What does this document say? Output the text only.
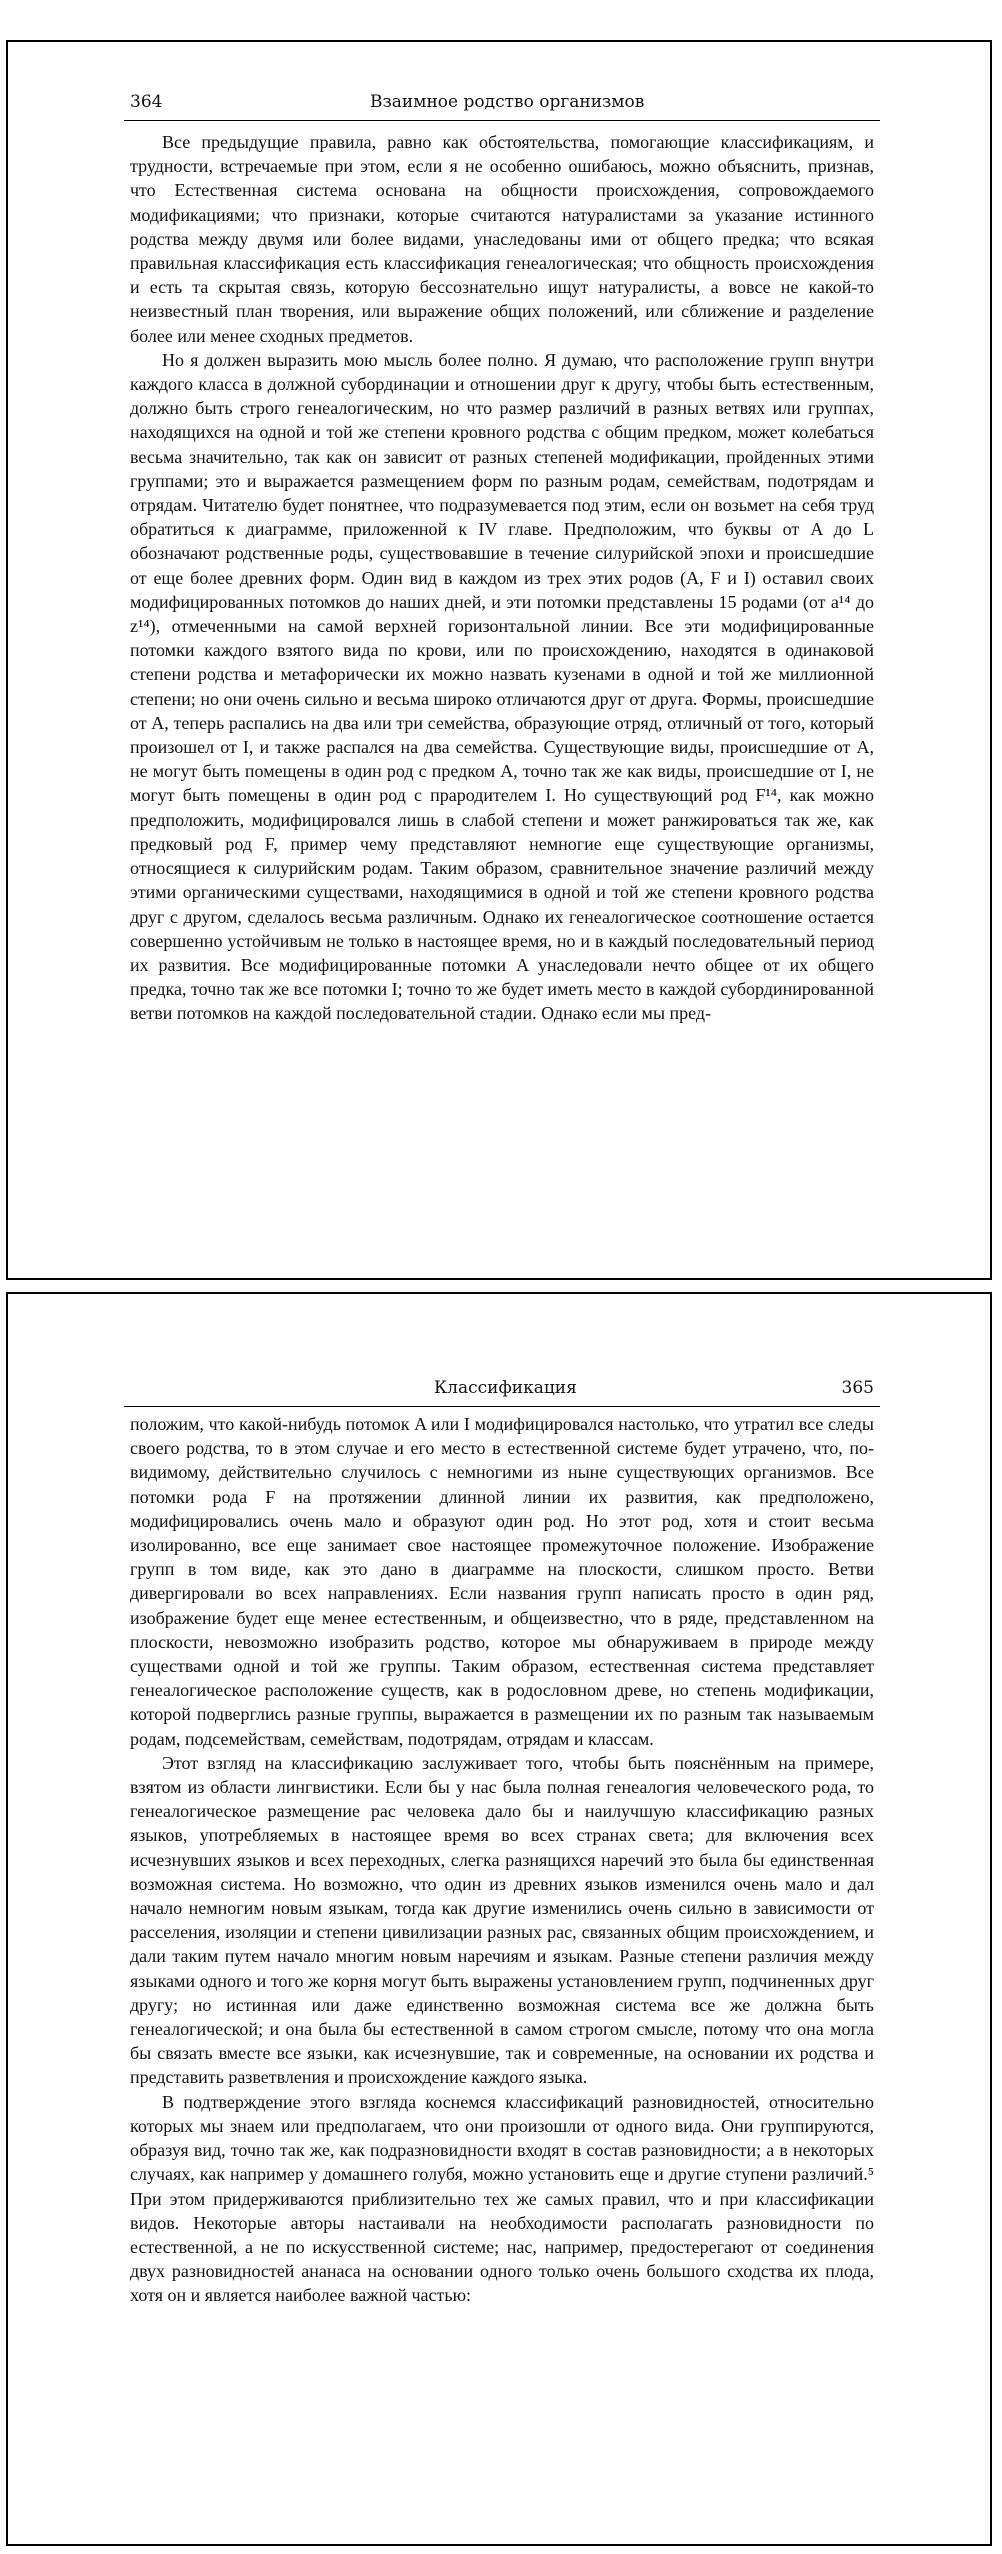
364	Взаимное родство организмов

Все предыдущие правила, равно как обстоятельства, помогающие классификациям, и трудности, встречаемые при этом, если я не особенно ошибаюсь, можно объяснить, признав, что Естественная система основана на общности происхождения, сопровождаемого модификациями; что признаки, которые считаются натуралистами за указание истинного родства между двумя или более видами, унаследованы ими от общего предка; что всякая правильная классификация есть классификация генеалогическая; что общность происхождения и есть та скрытая связь, которую бессознательно ищут натуралисты, а вовсе не какой-то неизвестный план творения, или выражение общих положений, или сближение и разделение более или менее сходных предметов.

Но я должен выразить мою мысль более полно. Я думаю, что расположение групп внутри каждого класса в должной субординации и отношении друг к другу, чтобы быть естественным, должно быть строго генеалогическим, но что размер различий в разных ветвях или группах, находящихся на одной и той же степени кровного родства с общим предком, может колебаться весьма значительно, так как он зависит от разных степеней модификации, пройденных этими группами; это и выражается размещением форм по разным родам, семействам, подотрядам и отрядам. Читателю будет понятнее, что подразумевается под этим, если он возьмет на себя труд обратиться к диаграмме, приложенной к IV главе. Предположим, что буквы от A до L обозначают родственные роды, существовавшие в течение силурийской эпохи и происшедшие от еще более древних форм. Один вид в каждом из трех этих родов (A, F и I) оставил своих модифицированных потомков до наших дней, и эти потомки представлены 15 родами (от a¹⁴ до z¹⁴), отмеченными на самой верхней горизонтальной линии. Все эти модифицированные потомки каждого взятого вида по крови, или по происхождению, находятся в одинаковой степени родства и метафорически их можно назвать кузенами в одной и той же миллионной степени; но они очень сильно и весьма широко отличаются друг от друга. Формы, происшедшие от A, теперь распались на два или три семейства, образующие отряд, отличный от того, который произошел от I, и также распался на два семейства. Существующие виды, происшедшие от A, не могут быть помещены в один род с предком A, точно так же как виды, происшедшие от I, не могут быть помещены в один род с прародителем I. Но существующий род F¹⁴, как можно предположить, модифицировался лишь в слабой степени и может ранжироваться так же, как предковый род F, пример чему представляют немногие еще существующие организмы, относящиеся к силурийским родам. Таким образом, сравнительное значение различий между этими органическими существами, находящимися в одной и той же степени кровного родства друг с другом, сделалось весьма различным. Однако их генеалогическое соотношение остается совершенно устойчивым не только в настоящее время, но и в каждый последовательный период их развития. Все модифицированные потомки A унаследовали нечто общее от их общего предка, точно так же все потомки I; точно то же будет иметь место в каждой субординированной ветви потомков на каждой последовательной стадии. Однако если мы пред-

Классификация	365

положим, что какой-нибудь потомок A или I модифицировался настолько, что утратил все следы своего родства, то в этом случае и его место в естественной системе будет утрачено, что, по-видимому, действительно случилось с немногими из ныне существующих организмов. Все потомки рода F на протяжении длинной линии их развития, как предположено, модифицировались очень мало и образуют один род. Но этот род, хотя и стоит весьма изолированно, все еще занимает свое настоящее промежуточное положение. Изображение групп в том виде, как это дано в диаграмме на плоскости, слишком просто. Ветви дивергировали во всех направлениях. Если названия групп написать просто в один ряд, изображение будет еще менее естественным, и общеизвестно, что в ряде, представленном на плоскости, невозможно изобразить родство, которое мы обнаруживаем в природе между существами одной и той же группы. Таким образом, естественная система представляет генеалогическое расположение существ, как в родословном древе, но степень модификации, которой подверглись разные группы, выражается в размещении их по разным так называемым родам, подсемействам, семействам, подотрядам, отрядам и классам.

Этот взгляд на классификацию заслуживает того, чтобы быть пояснённым на примере, взятом из области лингвистики. Если бы у нас была полная генеалогия человеческого рода, то генеалогическое размещение рас человека дало бы и наилучшую классификацию разных языков, употребляемых в настоящее время во всех странах света; для включения всех исчезнувших языков и всех переходных, слегка разнящихся наречий это была бы единственная возможная система. Но возможно, что один из древних языков изменился очень мало и дал начало немногим новым языкам, тогда как другие изменились очень сильно в зависимости от расселения, изоляции и степени цивилизации разных рас, связанных общим происхождением, и дали таким путем начало многим новым наречиям и языкам. Разные степени различия между языками одного и того же корня могут быть выражены установлением групп, подчиненных друг другу; но истинная или даже единственно возможная система все же должна быть генеалогической; и она была бы естественной в самом строгом смысле, потому что она могла бы связать вместе все языки, как исчезнувшие, так и современные, на основании их родства и представить разветвления и происхождение каждого языка.

В подтверждение этого взгляда коснемся классификаций разновидностей, относительно которых мы знаем или предполагаем, что они произошли от одного вида. Они группируются, образуя вид, точно так же, как подразновидности входят в состав разновидности; а в некоторых случаях, как например у домашнего голубя, можно установить еще и другие ступени различий.⁵ При этом придерживаются приблизительно тех же самых правил, что и при классификации видов. Некоторые авторы настаивали на необходимости располагать разновидности по естественной, а не по искусственной системе; нас, например, предостерегают от соединения двух разновидностей ананаса на основании одного только очень большого сходства их плода, хотя он и является наиболее важной частью:
